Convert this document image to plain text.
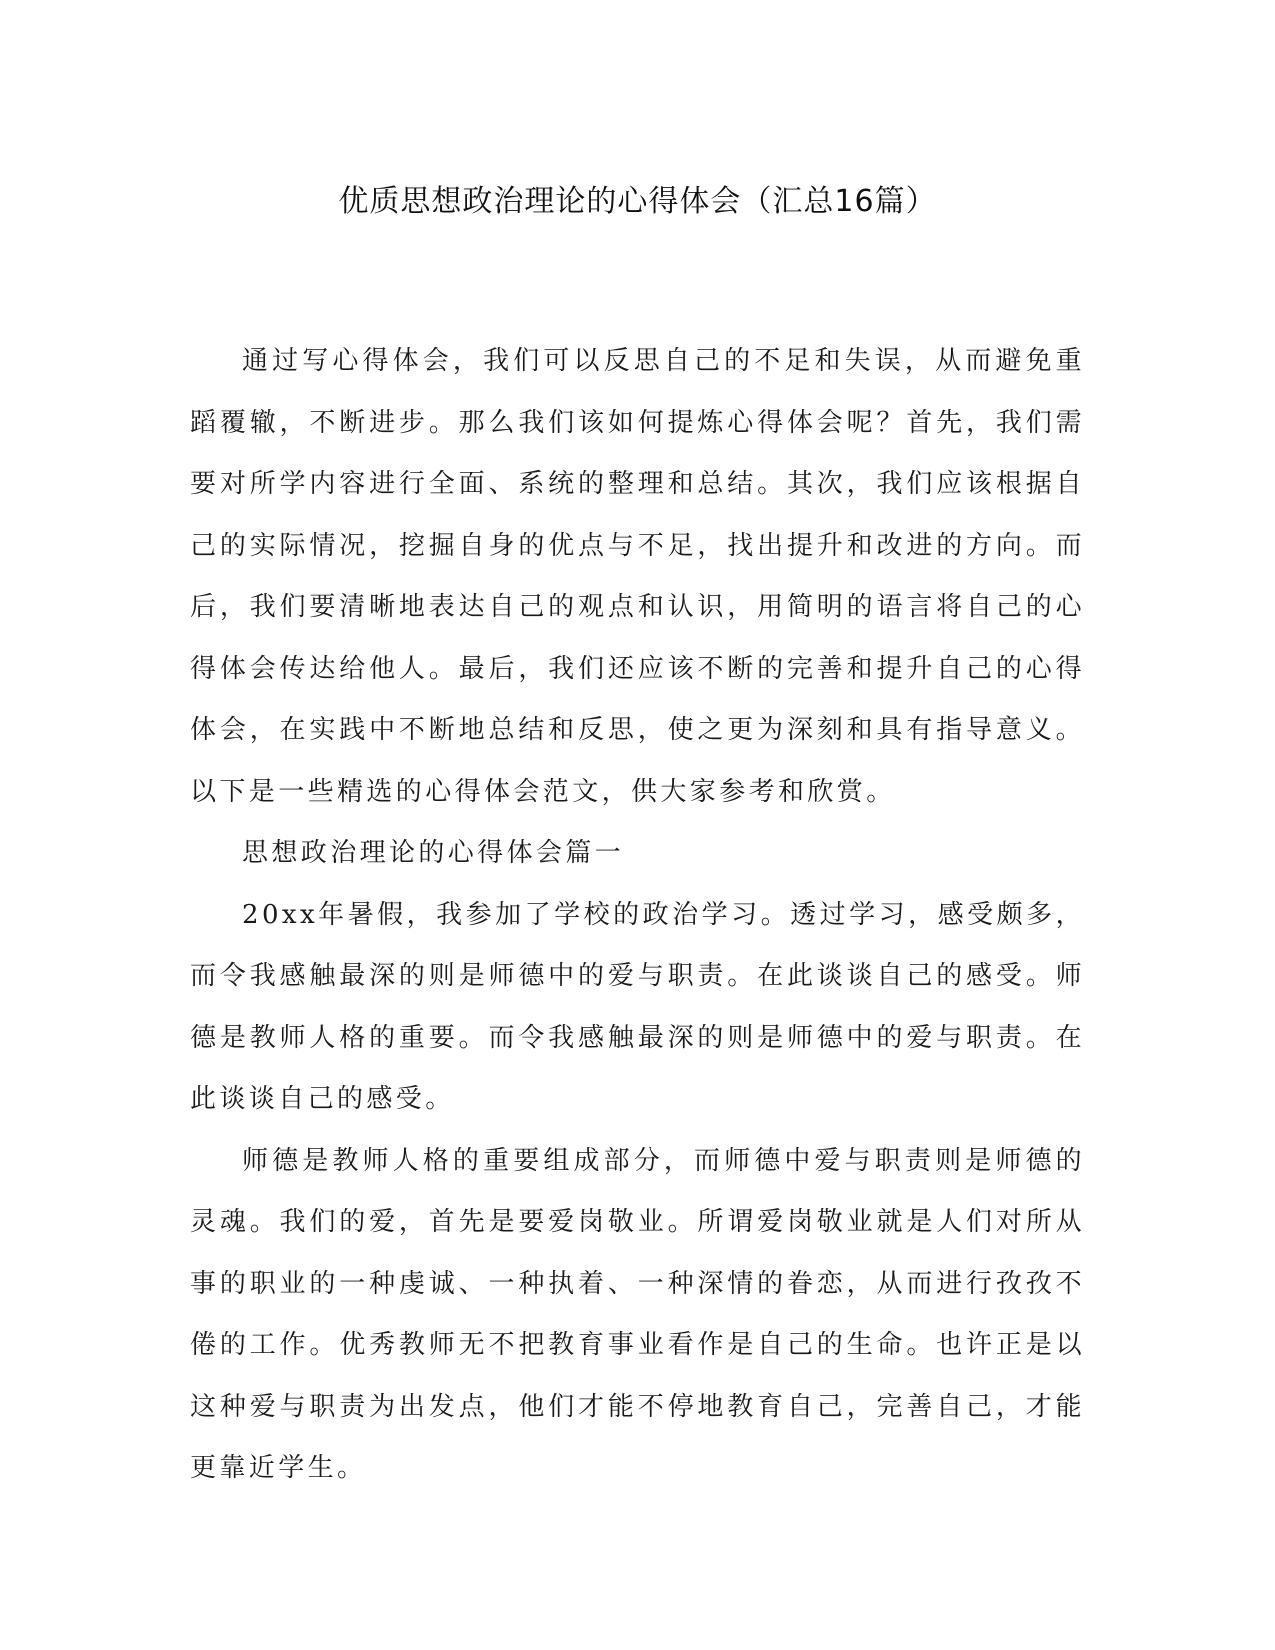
优质思想政治理论的心得体会（汇总16篇）

通过写心得体会，我们可以反思自己的不足和失误，从而避免重蹈覆辙，不断进步。那么我们该如何提炼心得体会呢？首先，我们需要对所学内容进行全面、系统的整理和总结。其次，我们应该根据自己的实际情况，挖掘自身的优点与不足，找出提升和改进的方向。而后，我们要清晰地表达自己的观点和认识，用简明的语言将自己的心得体会传达给他人。最后，我们还应该不断的完善和提升自己的心得体会，在实践中不断地总结和反思，使之更为深刻和具有指导意义。以下是一些精选的心得体会范文，供大家参考和欣赏。

思想政治理论的心得体会篇一

20xx年暑假，我参加了学校的政治学习。透过学习，感受颇多，而令我感触最深的则是师德中的爱与职责。在此谈谈自己的感受。师德是教师人格的重要。而令我感触最深的则是师德中的爱与职责。在此谈谈自己的感受。

师德是教师人格的重要组成部分，而师德中爱与职责则是师德的灵魂。我们的爱，首先是要爱岗敬业。所谓爱岗敬业就是人们对所从事的职业的一种虔诚、一种执着、一种深情的眷恋，从而进行孜孜不倦的工作。优秀教师无不把教育事业看作是自己的生命。也许正是以这种爱与职责为出发点，他们才能不停地教育自己，完善自己，才能更靠近学生。
